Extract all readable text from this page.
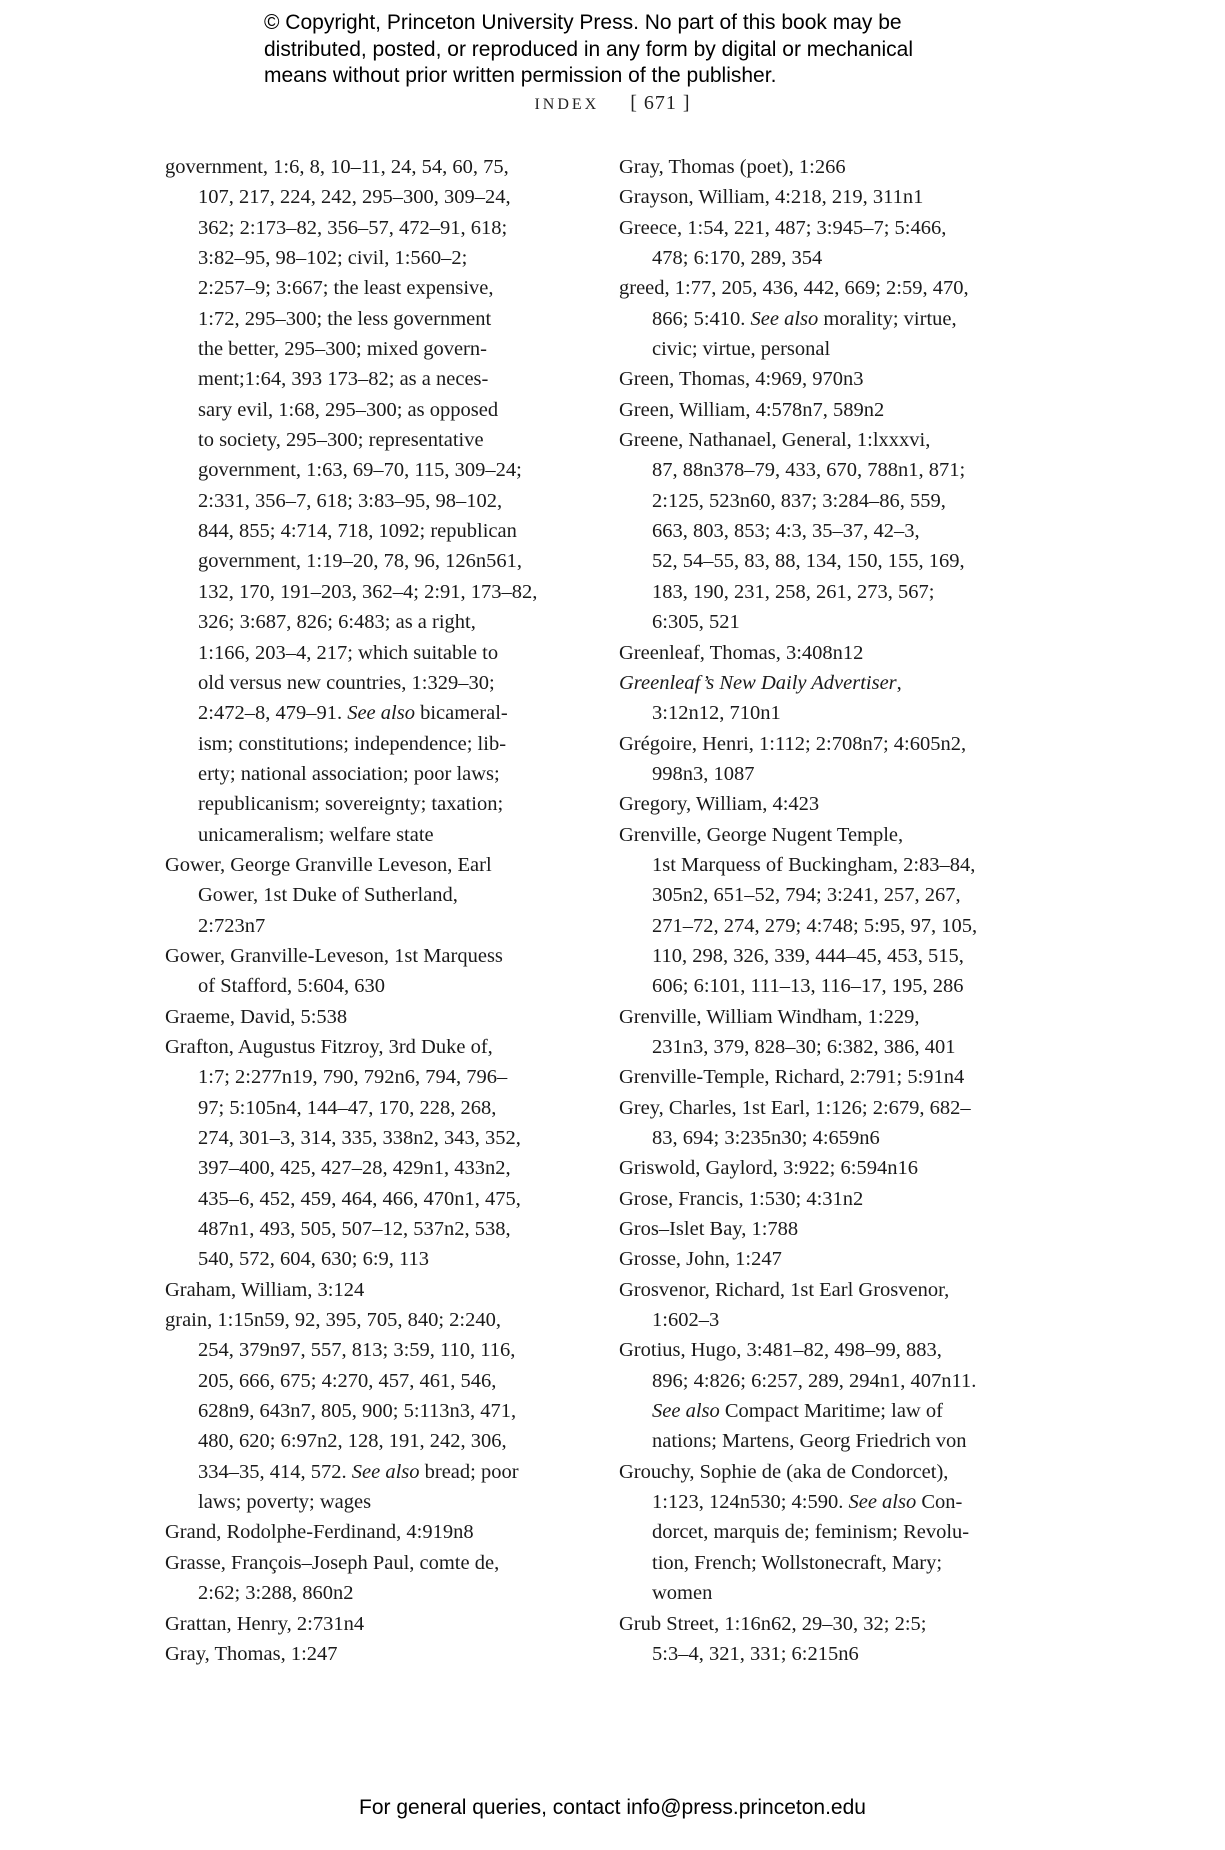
© Copyright, Princeton University Press. No part of this book may be
distributed, posted, or reproduced in any form by digital or mechanical
means without prior written permission of the publisher.
INDEX [ 671 ]
government, 1:6, 8, 10–11, 24, 54, 60, 75,
107, 217, 224, 242, 295–300, 309–24,
362; 2:173–82, 356–57, 472–91, 618;
3:82–95, 98–102; civil, 1:560–2;
2:257–9; 3:667; the least expensive,
1:72, 295–300; the less government
the better, 295–300; mixed govern-
ment;1:64, 393 173–82; as a neces-
sary evil, 1:68, 295–300; as opposed
to society, 295–300; representative
government, 1:63, 69–70, 115, 309–24;
2:331, 356–7, 618; 3:83–95, 98–102,
844, 855; 4:714, 718, 1092; republican
government, 1:19–20, 78, 96, 126n561,
132, 170, 191–203, 362–4; 2:91, 173–82,
326; 3:687, 826; 6:483; as a right,
1:166, 203–4, 217; which suitable to
old versus new countries, 1:329–30;
2:472–8, 479–91. See also bicameral-
ism; constitutions; independence; lib-
erty; national association; poor laws;
republicanism; sovereignty; taxation;
unicameralism; welfare state
Gower, George Granville Leveson, Earl
Gower, 1st Duke of Sutherland,
2:723n7
Gower, Granville-Leveson, 1st Marquess
of Stafford, 5:604, 630
Graeme, David, 5:538
Grafton, Augustus Fitzroy, 3rd Duke of,
1:7; 2:277n19, 790, 792n6, 794, 796–
97; 5:105n4, 144–47, 170, 228, 268,
274, 301–3, 314, 335, 338n2, 343, 352,
397–400, 425, 427–28, 429n1, 433n2,
435–6, 452, 459, 464, 466, 470n1, 475,
487n1, 493, 505, 507–12, 537n2, 538,
540, 572, 604, 630; 6:9, 113
Graham, William, 3:124
grain, 1:15n59, 92, 395, 705, 840; 2:240,
254, 379n97, 557, 813; 3:59, 110, 116,
205, 666, 675; 4:270, 457, 461, 546,
628n9, 643n7, 805, 900; 5:113n3, 471,
480, 620; 6:97n2, 128, 191, 242, 306,
334–35, 414, 572. See also bread; poor
laws; poverty; wages
Grand, Rodolphe-Ferdinand, 4:919n8
Grasse, François–Joseph Paul, comte de,
2:62; 3:288, 860n2
Grattan, Henry, 2:731n4
Gray, Thomas, 1:247
Gray, Thomas (poet), 1:266
Grayson, William, 4:218, 219, 311n1
Greece, 1:54, 221, 487; 3:945–7; 5:466,
478; 6:170, 289, 354
greed, 1:77, 205, 436, 442, 669; 2:59, 470,
866; 5:410. See also morality; virtue,
civic; virtue, personal
Green, Thomas, 4:969, 970n3
Green, William, 4:578n7, 589n2
Greene, Nathanael, General, 1:lxxxvi,
87, 88n378–79, 433, 670, 788n1, 871;
2:125, 523n60, 837; 3:284–86, 559,
663, 803, 853; 4:3, 35–37, 42–3,
52, 54–55, 83, 88, 134, 150, 155, 169,
183, 190, 231, 258, 261, 273, 567;
6:305, 521
Greenleaf, Thomas, 3:408n12
Greenleaf’s New Daily Advertiser,
3:12n12, 710n1
Grégoire, Henri, 1:112; 2:708n7; 4:605n2,
998n3, 1087
Gregory, William, 4:423
Grenville, George Nugent Temple,
1st Marquess of Buckingham, 2:83–84,
305n2, 651–52, 794; 3:241, 257, 267,
271–72, 274, 279; 4:748; 5:95, 97, 105,
110, 298, 326, 339, 444–45, 453, 515,
606; 6:101, 111–13, 116–17, 195, 286
Grenville, William Windham, 1:229,
231n3, 379, 828–30; 6:382, 386, 401
Grenville-Temple, Richard, 2:791; 5:91n4
Grey, Charles, 1st Earl, 1:126; 2:679, 682–
83, 694; 3:235n30; 4:659n6
Griswold, Gaylord, 3:922; 6:594n16
Grose, Francis, 1:530; 4:31n2
Gros–Islet Bay, 1:788
Grosse, John, 1:247
Grosvenor, Richard, 1st Earl Grosvenor,
1:602–3
Grotius, Hugo, 3:481–82, 498–99, 883,
896; 4:826; 6:257, 289, 294n1, 407n11.
See also Compact Maritime; law of
nations; Martens, Georg Friedrich von
Grouchy, Sophie de (aka de Condorcet),
1:123, 124n530; 4:590. See also Con-
dorcet, marquis de; feminism; Revolu-
tion, French; Wollstonecraft, Mary;
women
Grub Street, 1:16n62, 29–30, 32; 2:5;
5:3–4, 321, 331; 6:215n6
For general queries, contact info@press.princeton.edu
